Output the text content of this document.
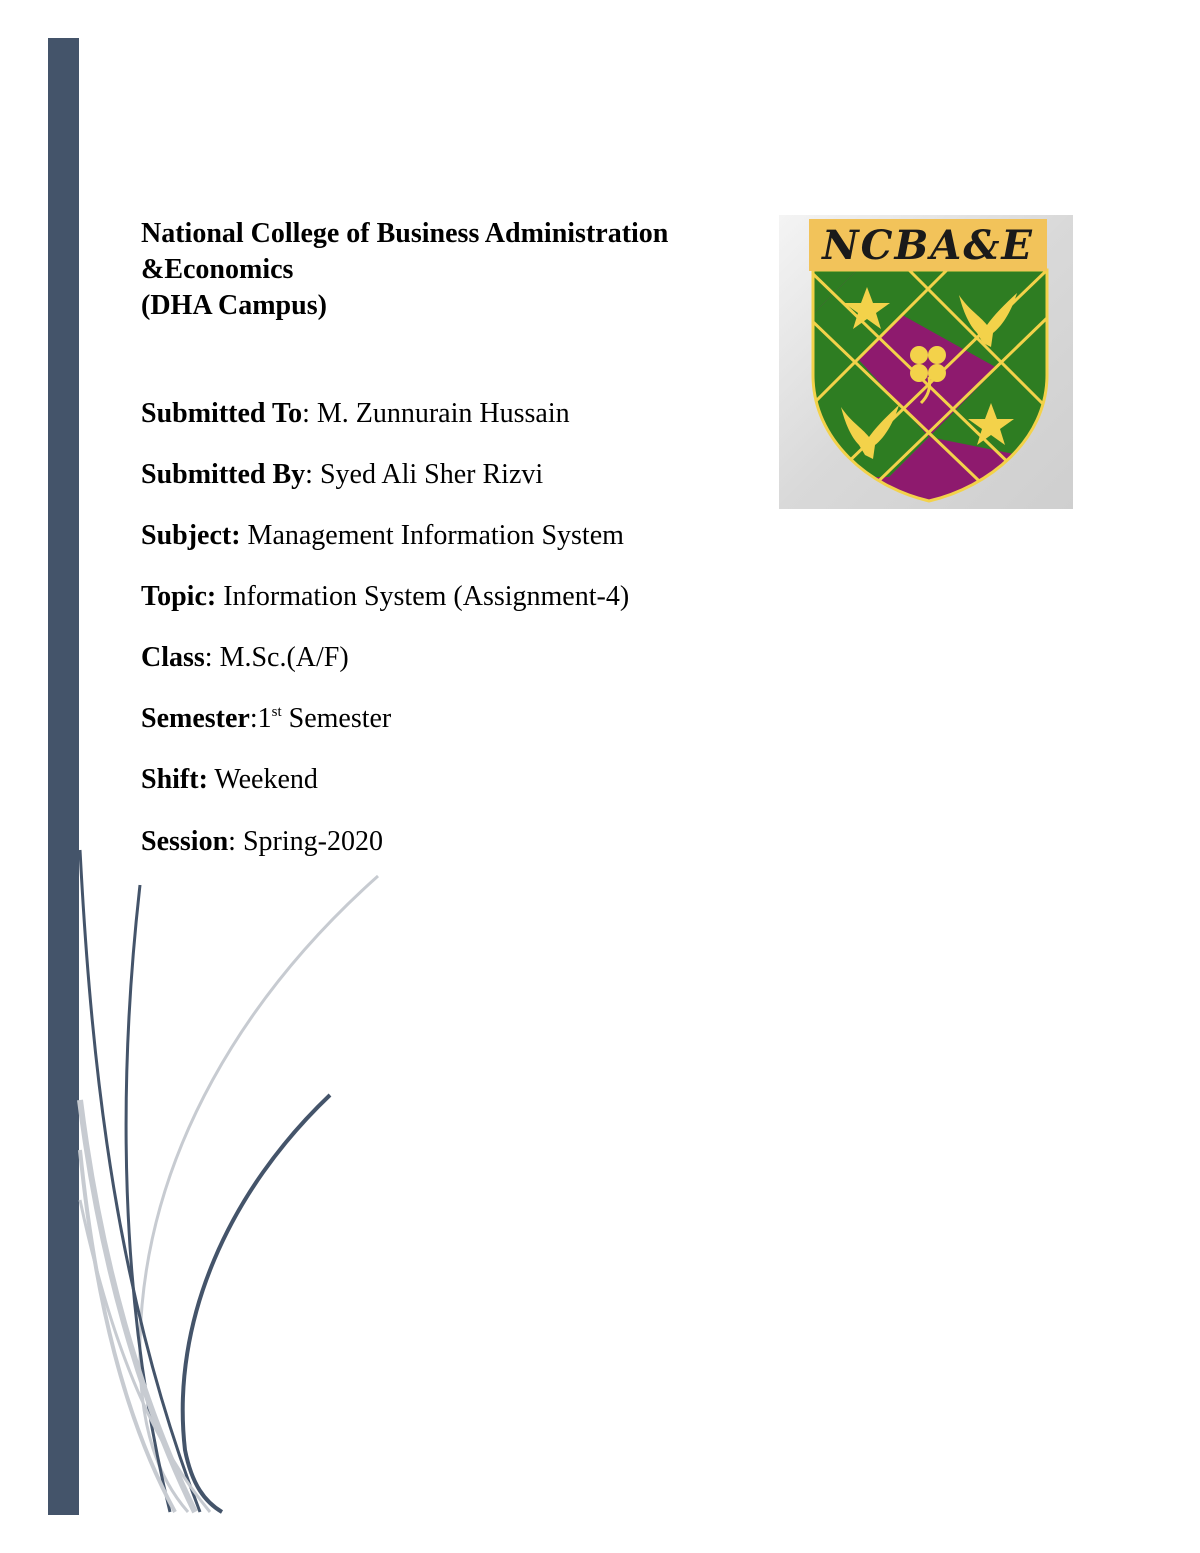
National College of Business Administration
&Economics
(DHA Campus)
Submitted To: M. Zunnurain Hussain
Submitted By: Syed Ali Sher Rizvi
Subject: Management Information System
Topic: Information System (Assignment-4)
Class: M.Sc.(A/F)
Semester:1st Semester
Shift: Weekend
Session: Spring-2020
NCBA&E
